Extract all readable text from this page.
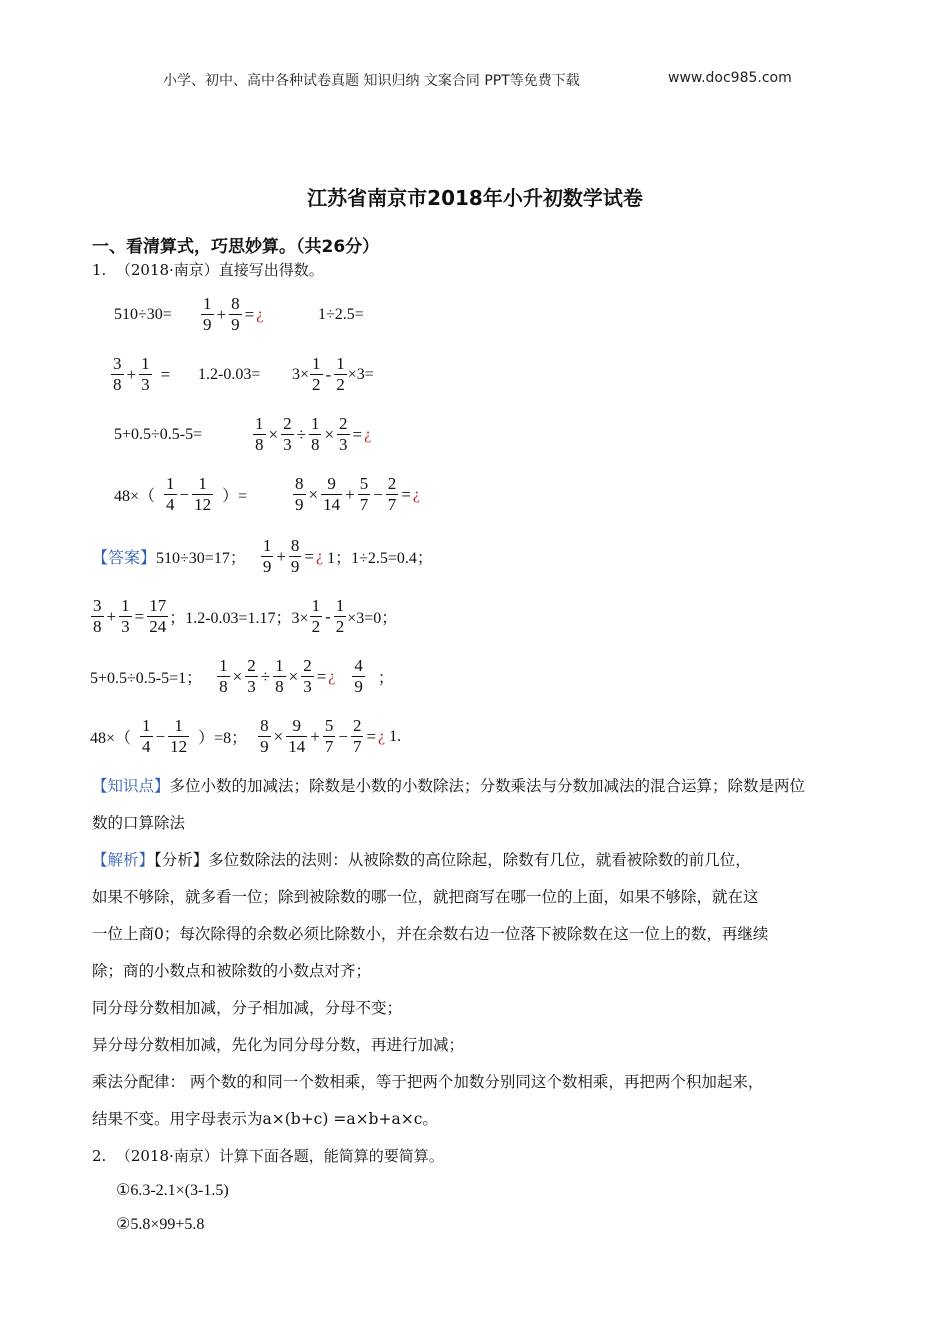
小学、初中、高中各种试卷真题 知识归纳 文案合同 PPT等免费下载	www.doc985.com
江苏省南京市2018年小升初数学试卷
一、看清算式，巧思妙算。（共26分）
1. （2018·南京）直接写出得数。
$510\div 30= \frac{1}{9} + \frac{8}{9}$ = ¿	1÷2.5=
$\frac{3}{8} + \frac{1}{3} = 1.2-0.03= 3\times \frac{1}{2} - \frac{1}{2} \times 3=$
5+0.5÷0.5-5=	$\frac{1}{8} \times \frac{2}{3} \div \frac{1}{8} \times \frac{2}{3}$ = ¿
$48\times( \frac{1}{4} - \frac{1}{12}$ ）=	$\frac{8}{9} \times \frac{9}{14} + \frac{5}{7} - \frac{2}{7}$ = ¿
【答案】 510÷30=17； $\frac{1}{9} + \frac{8}{9}$ = ¿ 1；1÷2.5=0.4；
$\frac{3}{8} + \frac{1}{3} = \frac{17}{24}$ ；1.2-0.03=1.17；$3\times \frac{1}{2} - \frac{1}{2} \times 3=0$；
5+0.5÷0.5-5=1； $\frac{1}{8} \times \frac{2}{3} \div \frac{1}{8} \times \frac{2}{3}$ = ¿ $\frac{4}{9}$ ；
$48\times( \frac{1}{4} - \frac{1}{12} )=8$； $\frac{8}{9} \times \frac{9}{14} + \frac{5}{7} - \frac{2}{7}$ = ¿ 1.
【知识点】多位小数的加减法；除数是小数的小数除法；分数乘法与分数加减法的混合运算；除数是两位
数的口算除法
【解析】【分析】多位数除法的法则：从被除数的高位除起，除数有几位，就看被除数的前几位，
如果不够除，就多看一位；除到被除数的哪一位，就把商写在哪一位的上面，如果不够除，就在这
一位上商0；每次除得的余数必须比除数小，并在余数右边一位落下被除数在这一位上的数，再继续
除；商的小数点和被除数的小数点对齐；
同分母分数相加减，分子相加减，分母不变；
异分母分数相加减，先化为同分母分数，再进行加减；
乘法分配律： 两个数的和同一个数相乘，等于把两个加数分别同这个数相乘，再把两个积加起来，
结果不变。用字母表示为a×(b+c) =a×b+a×c。
2. （2018·南京）计算下面各题，能简算的要简算。
①6.3-2.1×(3-1.5)
②5.8×99+5.8
